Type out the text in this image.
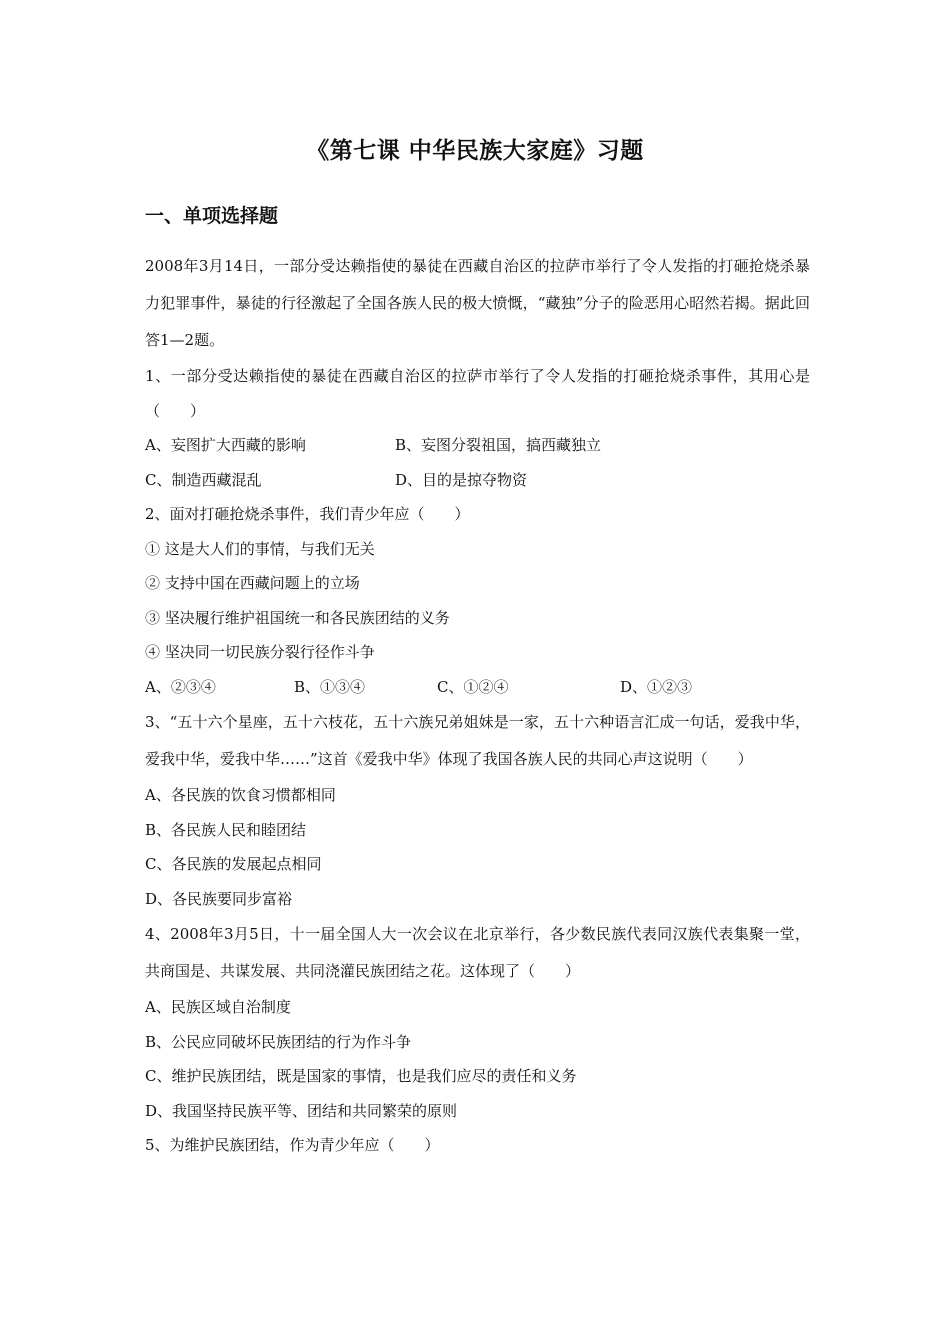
《第七课 中华民族大家庭》习题
一、单项选择题

2008年3月14日，一部分受达赖指使的暴徒在西藏自治区的拉萨市举行了令人发指的打砸抢烧杀暴力犯罪事件，暴徒的行径激起了全国各族人民的极大愤慨，“藏独”分子的险恶用心昭然若揭。据此回答1—2题。

1、一部分受达赖指使的暴徒在西藏自治区的拉萨市举行了令人发指的打砸抢烧杀事件，其用心是（　　）

A、妄图扩大西藏的影响	B、妄图分裂祖国，搞西藏独立
C、制造西藏混乱	D、目的是掠夺物资

2、面对打砸抢烧杀事件，我们青少年应（　　）

① 这是大人们的事情，与我们无关

② 支持中国在西藏问题上的立场

③ 坚决履行维护祖国统一和各民族团结的义务

④ 坚决同一切民族分裂行径作斗争

A、②③④	B、①③④	C、①②④	D、①②③

3、“五十六个星座，五十六枝花，五十六族兄弟姐妹是一家，五十六种语言汇成一句话，爱我中华，爱我中华，爱我中华……”这首《爱我中华》体现了我国各族人民的共同心声这说明（　　）

A、各民族的饮食习惯都相同

B、各民族人民和睦团结

C、各民族的发展起点相同

D、各民族要同步富裕

4、2008年3月5日，十一届全国人大一次会议在北京举行，各少数民族代表同汉族代表集聚一堂，共商国是、共谋发展、共同浇灌民族团结之花。这体现了（　　）

A、民族区域自治制度

B、公民应同破坏民族团结的行为作斗争

C、维护民族团结，既是国家的事情，也是我们应尽的责任和义务

D、我国坚持民族平等、团结和共同繁荣的原则

5、为维护民族团结，作为青少年应（　　）
